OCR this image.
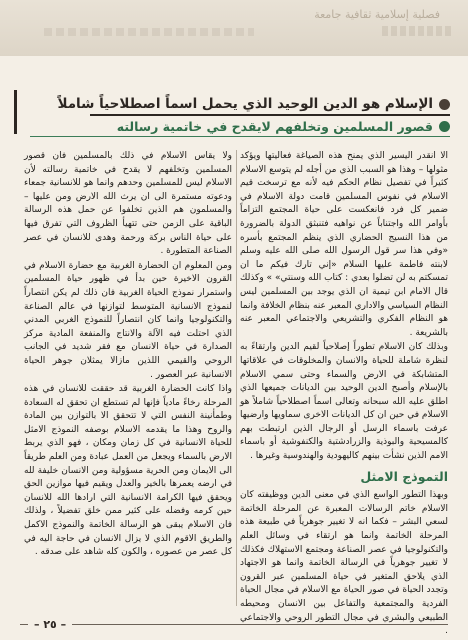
فصلية إسلامية ثقافية جامعة
الإسلام هو الدين الوحيد الذي يحمل اسماً اصطلاحياً شاملاً
قصور المسلمين وتخلفهم لايقدح في خاتمية رسالته

الا انقدر اليسير الذي يمنح هذه الصياغة فعاليتها ويؤكد مثولها – وهذا هو السبب الذي من أجله لم يتوسع الاسلام كثيراً في تفصيل نظام الحكم فيه لأنه مع ترسخت قيم الاسلام في نفوس المسلمين قامت دولة الاسلام في ضمير كل فرد فانعكست على حياة المجتمع التزاماً بأوامر الله واجتناباً عن نواهيه فتنبثق الدولة بالضرورة من هذا النسيج الحضاري الذي ينظم المجتمع بأسره «وفي هذا سر قول الرسول الله صلى الله عليه وسلم لابنته فاطمة عليها السلام «إني تارك فيكم ما ان تمسكتم به لن تضلوا بعدي : كتاب الله وسنتي» » وكذلك قال الامام ابن تيمية ان الذي يوجد بين المسلمين ليس النظام السياسي والاداري المعبر عنه بنظام الخلافة وانما هو النظام الفكري والتشريعي والاجتماعي المعبر عنه بالشريعة .

وبذلك كان الاسلام تطوراً إصلاحياً لقيم الدين وارتقاءً به لنظرة شاملة للحياة والانسان والمخلوقات في علاقاتها المتشابكة في الارض والسماء وحتى سمي الاسلام بالإسلام وأصبح الدين الوحيد بين الديانات جميعها الذي اطلق عليه الله سبحانه وتعالى اسماً اصطلاحياً شاملاً هو الاسلام في حين ان كل الديانات الاخرى سماويها وارضيها عرفت باسماء الرسل أو الرجال الذين ارتبطت بهم كالمسيحية والبوذية والزرادشتية والكنفوشية أو باسماء الامم الذين نشأت بينهم كاليهودية والهندوسية وغيرها .

التموذج الامثل

وبهذا التطور الواسع الذي في معنى الدين ووظيفته كان الاسلام خاتم الرسالات المعبرة عن المرحلة الخاتمة لسعي البشر – فكما انه لا تغيير جوهرياً في طبيعة هذه المرحلة الخاتمة وانما هو ارتقاء في وسائل العلم والتكنولوجيا في عصر الصناعة ومجتمع الاستهلاك فكذلك لا تغيير جوهرياً في الرسالة الخاتمة وانما هو الاجتهاد الذي يلاحق المتغير في حياة المسلمين عبر القرون وتجدد الحياة في صور الحياة مع الاسلام في مجال الحياة الفردية والمجتمعية والتفاعل بين الانسان ومحيطه الطبيعي والبشري في مجال التطور الروحي والاجتماعي .

ولا يقاس الاسلام في ذلك بالمسلمين فان قصور المسلمين وتخلفهم لا يقدح في خاتمية رسالته لأن الاسلام ليس للمسلمين وحدهم وانما هو للانسانية جمعاء ودعوته مستمرة الى ان يرث الله الارض ومن عليها – والمسلمون هم الذين تخلفوا عن حمل هذه الرسالة الباقية على الزمن حتى تتهيأ الظروف التي تفرق فيها على حياة الناس بركة ورحمة وهدى للانسان في عصر الصناعة المتطورة .

ومن المعلوم ان الحضارة الغربية مع حضارة الاسلام في القرون الاخيرة حين بدأ في ظهور حياة المسلمين واستمرار نموذج الحياة الغربية فان ذلك لم يكن انتصاراً لنموذج الانسانية المتوسط لتوازنها في عالم الصناعة والتكنولوجيا وانما كان انتصاراً للنموذج الغربي المدني الذي احتلت فيه الآلة والانتاج والمنفعة المادية مركز الصدارة في حياة الانسان مع فقر شديد في الجانب الروحي والقيمي اللذين مازالا يمثلان جوهر الحياة الانسانية عبر العصور .

واذا كانت الحضارة الغربية قد حققت للانسان في هذه المرحلة رخاءً مادياً فإنها لم تستطع ان تحقق له السعادة وطمأنينة النفس التي لا تتحقق الا بالتوازن بين المادة والروح وهذا ما يقدمه الاسلام بوصفه النموذج الامثل للحياة الانسانية في كل زمان ومكان ، فهو الذي يربط الارض بالسماء ويجعل من العمل عبادة ومن العلم طريقاً الى الايمان ومن الحرية مسؤولية ومن الانسان خليفة لله في ارضه يعمرها بالخير والعدل ويقيم فيها موازين الحق ويحقق فيها الكرامة الانسانية التي ارادها الله للانسان حين كرمه وفضله على كثير ممن خلق تفضيلاً ، ولذلك فان الاسلام يبقى هو الرسالة الخاتمة والنموذج الاكمل والطريق الاقوم الذي لا يزال الانسان في حاجة اليه في كل عصر من عصوره ، والكون كله شاهد على صدقه .

– ٢٥ –
